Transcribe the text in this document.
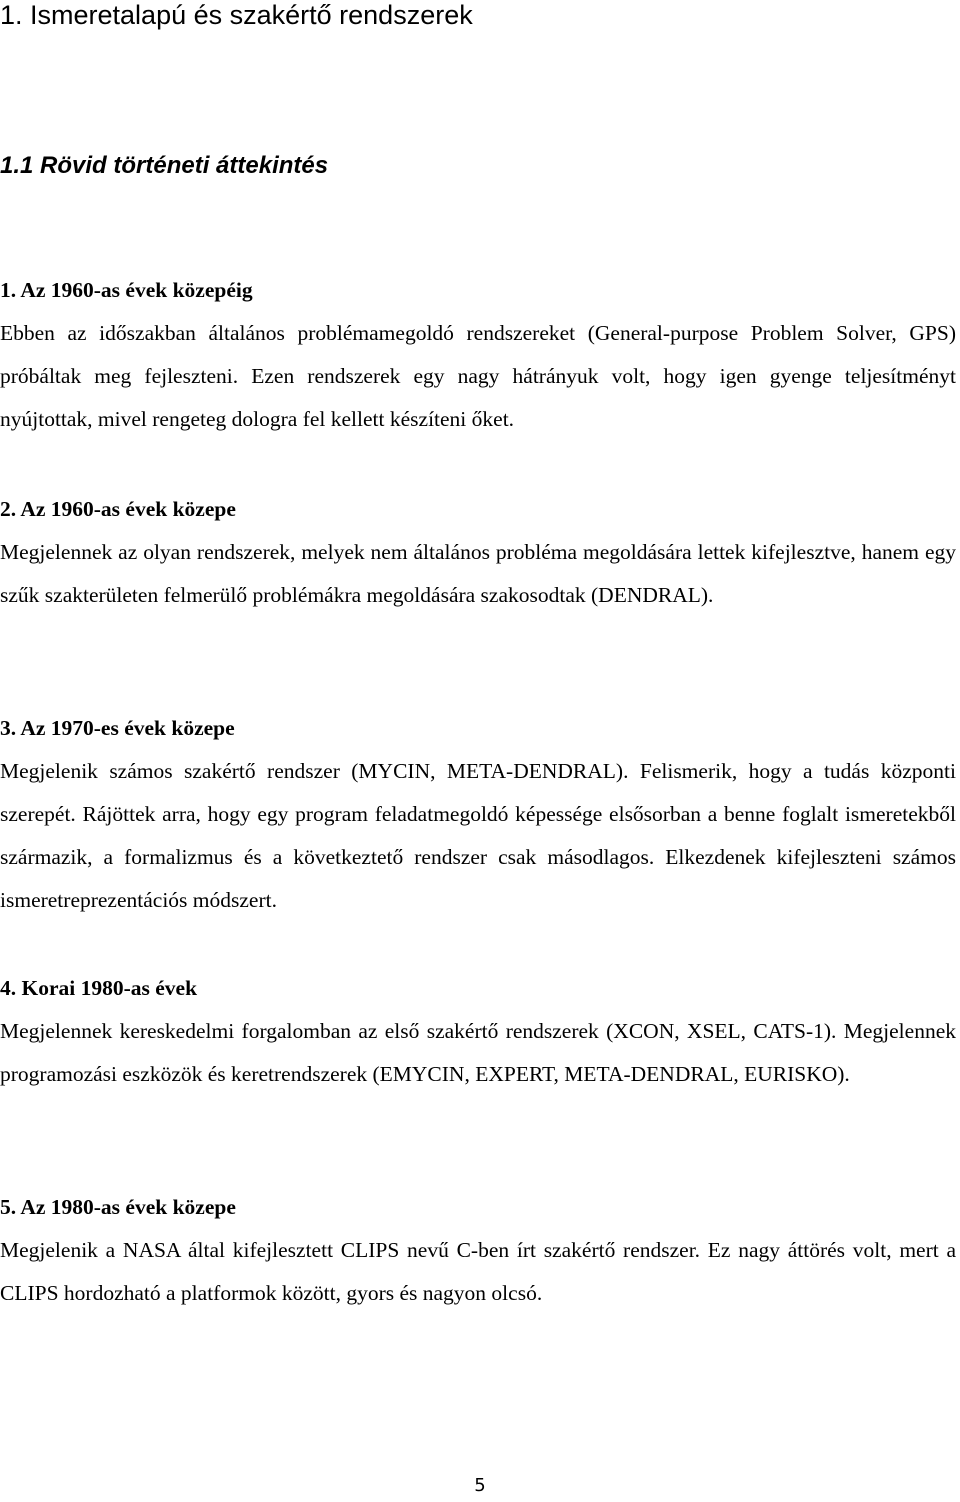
1. Ismeretalapú és szakértő rendszerek
1.1 Rövid történeti áttekintés

1. Az 1960-as évek közepéig

Ebben az időszakban általános problémamegoldó rendszereket (General-purpose Problem Solver, GPS) próbáltak meg fejleszteni. Ezen rendszerek egy nagy hátrányuk volt, hogy igen gyenge teljesítményt nyújtottak, mivel rengeteg dologra fel kellett készíteni őket.

2. Az 1960-as évek közepe

Megjelennek az olyan rendszerek, melyek nem általános probléma megoldására lettek kifejlesztve, hanem egy szűk szakterületen felmerülő problémákra megoldására szakosodtak (DENDRAL).

3. Az 1970-es évek közepe

Megjelenik számos szakértő rendszer (MYCIN, META-DENDRAL). Felismerik, hogy a tudás központi szerepét. Rájöttek arra, hogy egy program feladatmegoldó képessége elsősorban a benne foglalt ismeretekből származik, a formalizmus és a következtető rendszer csak másodlagos. Elkezdenek kifejleszteni számos ismeretreprezentációs módszert.

4. Korai 1980-as évek

Megjelennek kereskedelmi forgalomban az első szakértő rendszerek (XCON, XSEL, CATS-1). Megjelennek programozási eszközök és keretrendszerek (EMYCIN, EXPERT, META-DENDRAL, EURISKO).

5. Az 1980-as évek közepe

Megjelenik a NASA által kifejlesztett CLIPS nevű C-ben írt szakértő rendszer. Ez nagy áttörés volt, mert a CLIPS hordozható a platformok között, gyors és nagyon olcsó.

5
